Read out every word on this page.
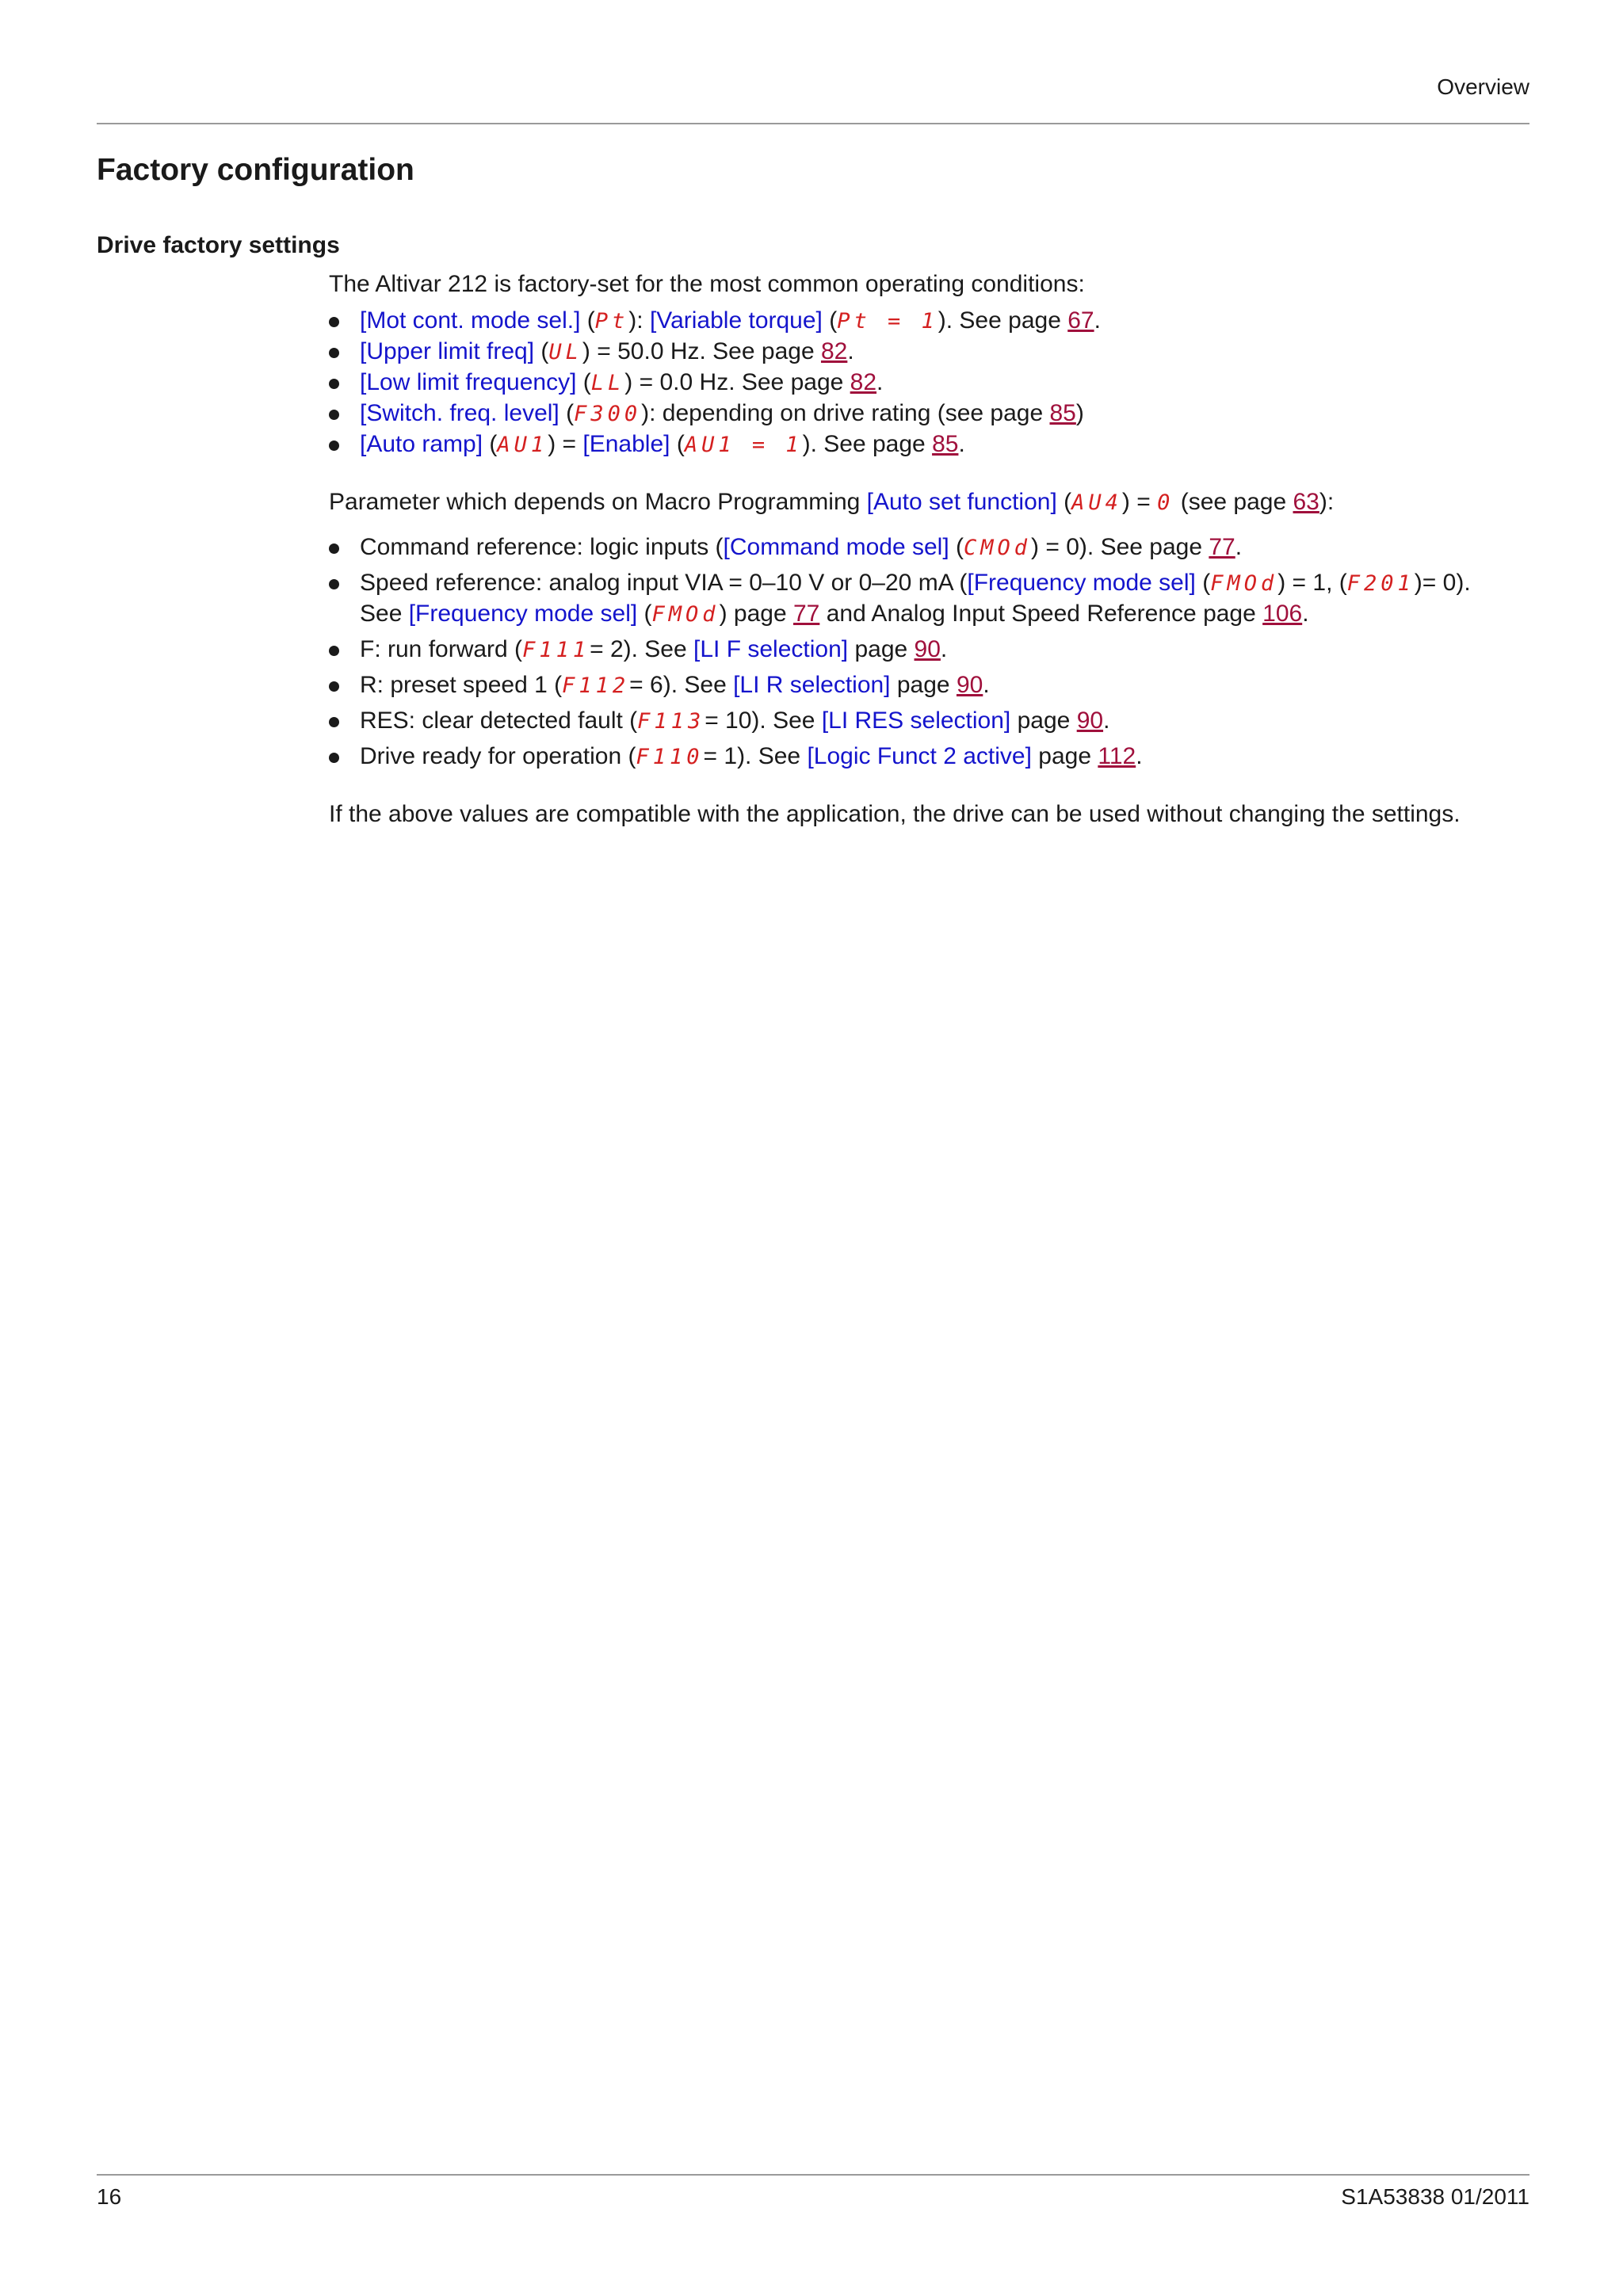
Overview
Factory configuration
Drive factory settings

The Altivar 212 is factory-set for the most common operating conditions:

[Mot cont. mode sel.] (Pt): [Variable torque] (Pt = 1). See page 67.
[Upper limit freq] (UL) = 50.0 Hz. See page 82.
[Low limit frequency] (LL) = 0.0 Hz. See page 82.
[Switch. freq. level] (F300): depending on drive rating (see page 85)
[Auto ramp] (AU1) = [Enable] (AU1 = 1). See page 85.

Parameter which depends on Macro Programming [Auto set function] (AU4) = 0 (see page 63):

Command reference: logic inputs ([Command mode sel] (CMOd) = 0). See page 77.
Speed reference: analog input VIA = 0–10 V or 0–20 mA ([Frequency mode sel] (FMOd) = 1, (F201)= 0).
See [Frequency mode sel] (FMOd) page 77 and Analog Input Speed Reference page 106.
F: run forward (F111= 2). See [LI F selection] page 90.
R: preset speed 1 (F112= 6). See [LI R selection] page 90.
RES: clear detected fault (F113= 10). See [LI RES selection] page 90.
Drive ready for operation (F110= 1). See [Logic Funct 2 active] page 112.

If the above values are compatible with the application, the drive can be used without changing the settings.

16	S1A53838 01/2011
